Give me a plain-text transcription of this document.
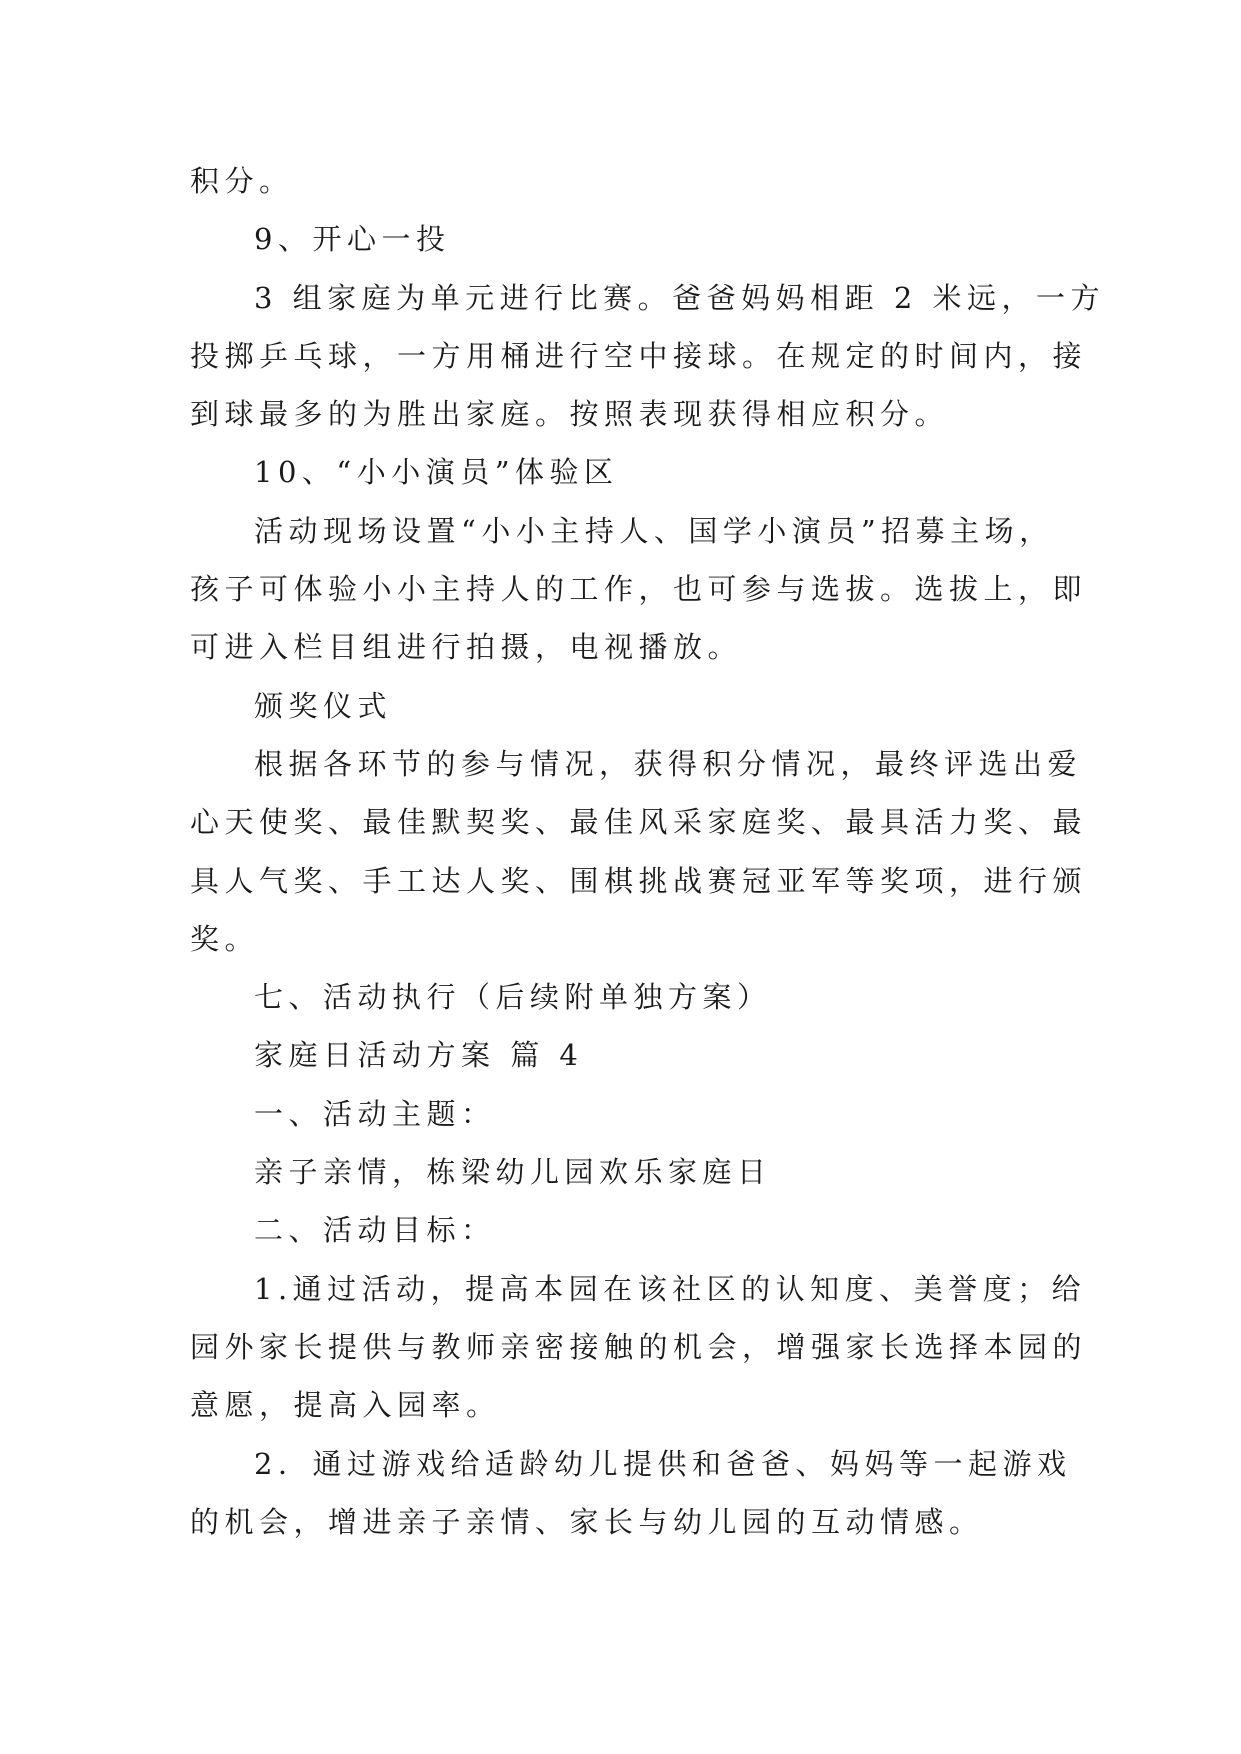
积分。
9、开心一投
3 组家庭为单元进行比赛。爸爸妈妈相距 2 米远，一方
投掷乒乓球，一方用桶进行空中接球。在规定的时间内，接
到球最多的为胜出家庭。按照表现获得相应积分。
10、“小小演员”体验区
活动现场设置“小小主持人、国学小演员”招募主场，
孩子可体验小小主持人的工作，也可参与选拔。选拔上，即
可进入栏目组进行拍摄，电视播放。
颁奖仪式
根据各环节的参与情况，获得积分情况，最终评选出爱
心天使奖、最佳默契奖、最佳风采家庭奖、最具活力奖、最
具人气奖、手工达人奖、围棋挑战赛冠亚军等奖项，进行颁
奖。
七、活动执行（后续附单独方案）
家庭日活动方案 篇 4
一、活动主题：
亲子亲情，栋梁幼儿园欢乐家庭日
二、活动目标：
1.通过活动，提高本园在该社区的认知度、美誉度；给
园外家长提供与教师亲密接触的机会，增强家长选择本园的
意愿，提高入园率。
2．通过游戏给适龄幼儿提供和爸爸、妈妈等一起游戏
的机会，增进亲子亲情、家长与幼儿园的互动情感。
